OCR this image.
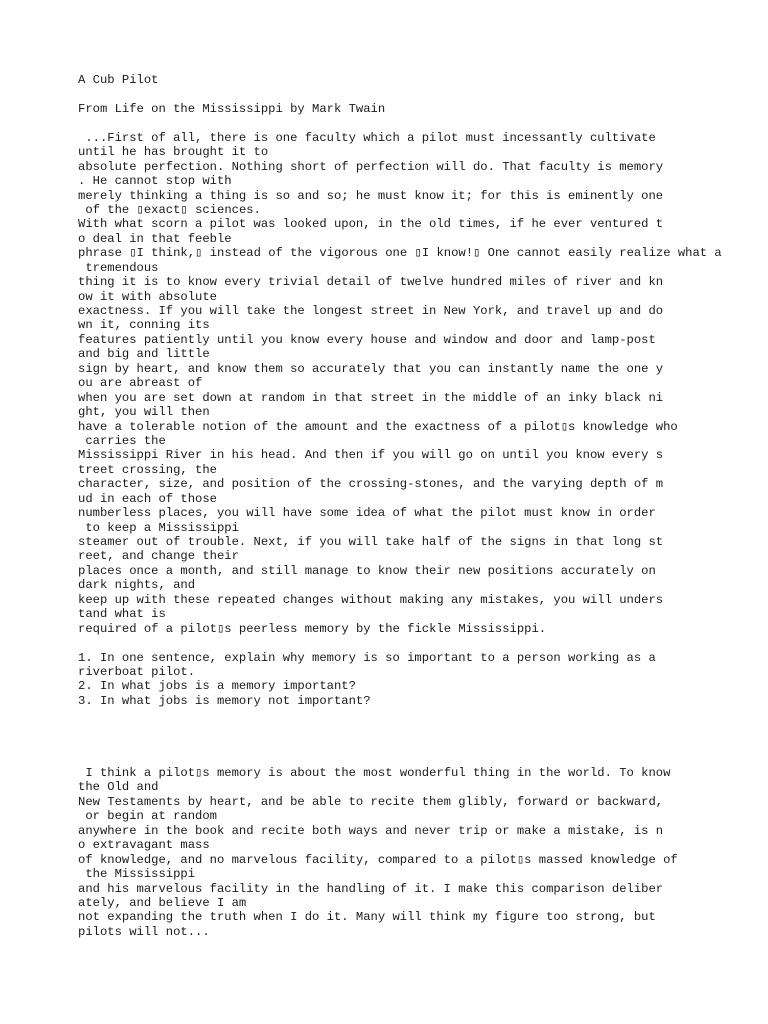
A Cub Pilot
From Life on the Mississippi by Mark Twain
...First of all, there is one faculty which a pilot must incessantly cultivate
until he has brought it to
absolute perfection. Nothing short of perfection will do. That faculty is memory
. He cannot stop with
merely thinking a thing is so and so; he must know it; for this is eminently one
of the ▯exact▯ sciences.
With what scorn a pilot was looked upon, in the old times, if he ever ventured t
o deal in that feeble
phrase ▯I think,▯ instead of the vigorous one ▯I know!▯ One cannot easily realize what a
tremendous
thing it is to know every trivial detail of twelve hundred miles of river and kn
ow it with absolute
exactness. If you will take the longest street in New York, and travel up and do
wn it, conning its
features patiently until you know every house and window and door and lamp-post
and big and little
sign by heart, and know them so accurately that you can instantly name the one y
ou are abreast of
when you are set down at random in that street in the middle of an inky black ni
ght, you will then
have a tolerable notion of the amount and the exactness of a pilot▯s knowledge who
carries the
Mississippi River in his head. And then if you will go on until you know every s
treet crossing, the
character, size, and position of the crossing-stones, and the varying depth of m
ud in each of those
numberless places, you will have some idea of what the pilot must know in order
to keep a Mississippi
steamer out of trouble. Next, if you will take half of the signs in that long st
reet, and change their
places once a month, and still manage to know their new positions accurately on
dark nights, and
keep up with these repeated changes without making any mistakes, you will unders
tand what is
required of a pilot▯s peerless memory by the fickle Mississippi.
1. In one sentence, explain why memory is so important to a person working as a
riverboat pilot.
2. In what jobs is a memory important?
3. In what jobs is memory not important?
I think a pilot▯s memory is about the most wonderful thing in the world. To know
the Old and
New Testaments by heart, and be able to recite them glibly, forward or backward,
or begin at random
anywhere in the book and recite both ways and never trip or make a mistake, is n
o extravagant mass
of knowledge, and no marvelous facility, compared to a pilot▯s massed knowledge of
the Mississippi
and his marvelous facility in the handling of it. I make this comparison deliber
ately, and believe I am
not expanding the truth when I do it. Many will think my figure too strong, but
pilots will not...
